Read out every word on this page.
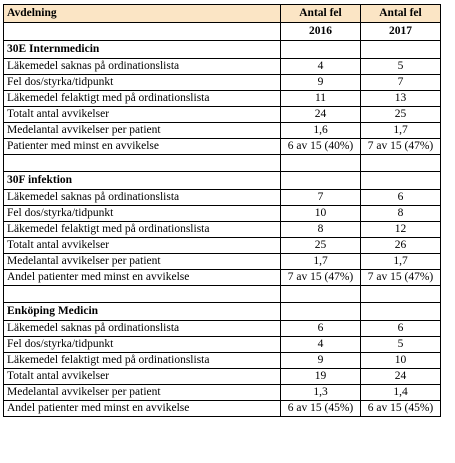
Avdelning	Antal fel	Antal fel
	2016	2017
30E Internmedicin		
Läkemedel saknas på ordinationslista	4	5
Fel dos/styrka/tidpunkt	9	7
Läkemedel felaktigt med på ordinationslista	11	13
Totalt antal avvikelser	24	25
Medelantal avvikelser per patient	1,6	1,7
Patienter med minst en avvikelse	6 av 15 (40%)	7 av 15 (47%)

30F infektion		
Läkemedel saknas på ordinationslista	7	6
Fel dos/styrka/tidpunkt	10	8
Läkemedel felaktigt med på ordinationslista	8	12
Totalt antal avvikelser	25	26
Medelantal avvikelser per patient	1,7	1,7
Andel patienter med minst en avvikelse	7 av 15 (47%)	7 av 15 (47%)

Enköping Medicin		
Läkemedel saknas på ordinationslista	6	6
Fel dos/styrka/tidpunkt	4	5
Läkemedel felaktigt med på ordinationslista	9	10
Totalt antal avvikelser	19	24
Medelantal avvikelser per patient	1,3	1,4
Andel patienter med minst en avvikelse	6 av 15 (45%)	6 av 15 (45%)
